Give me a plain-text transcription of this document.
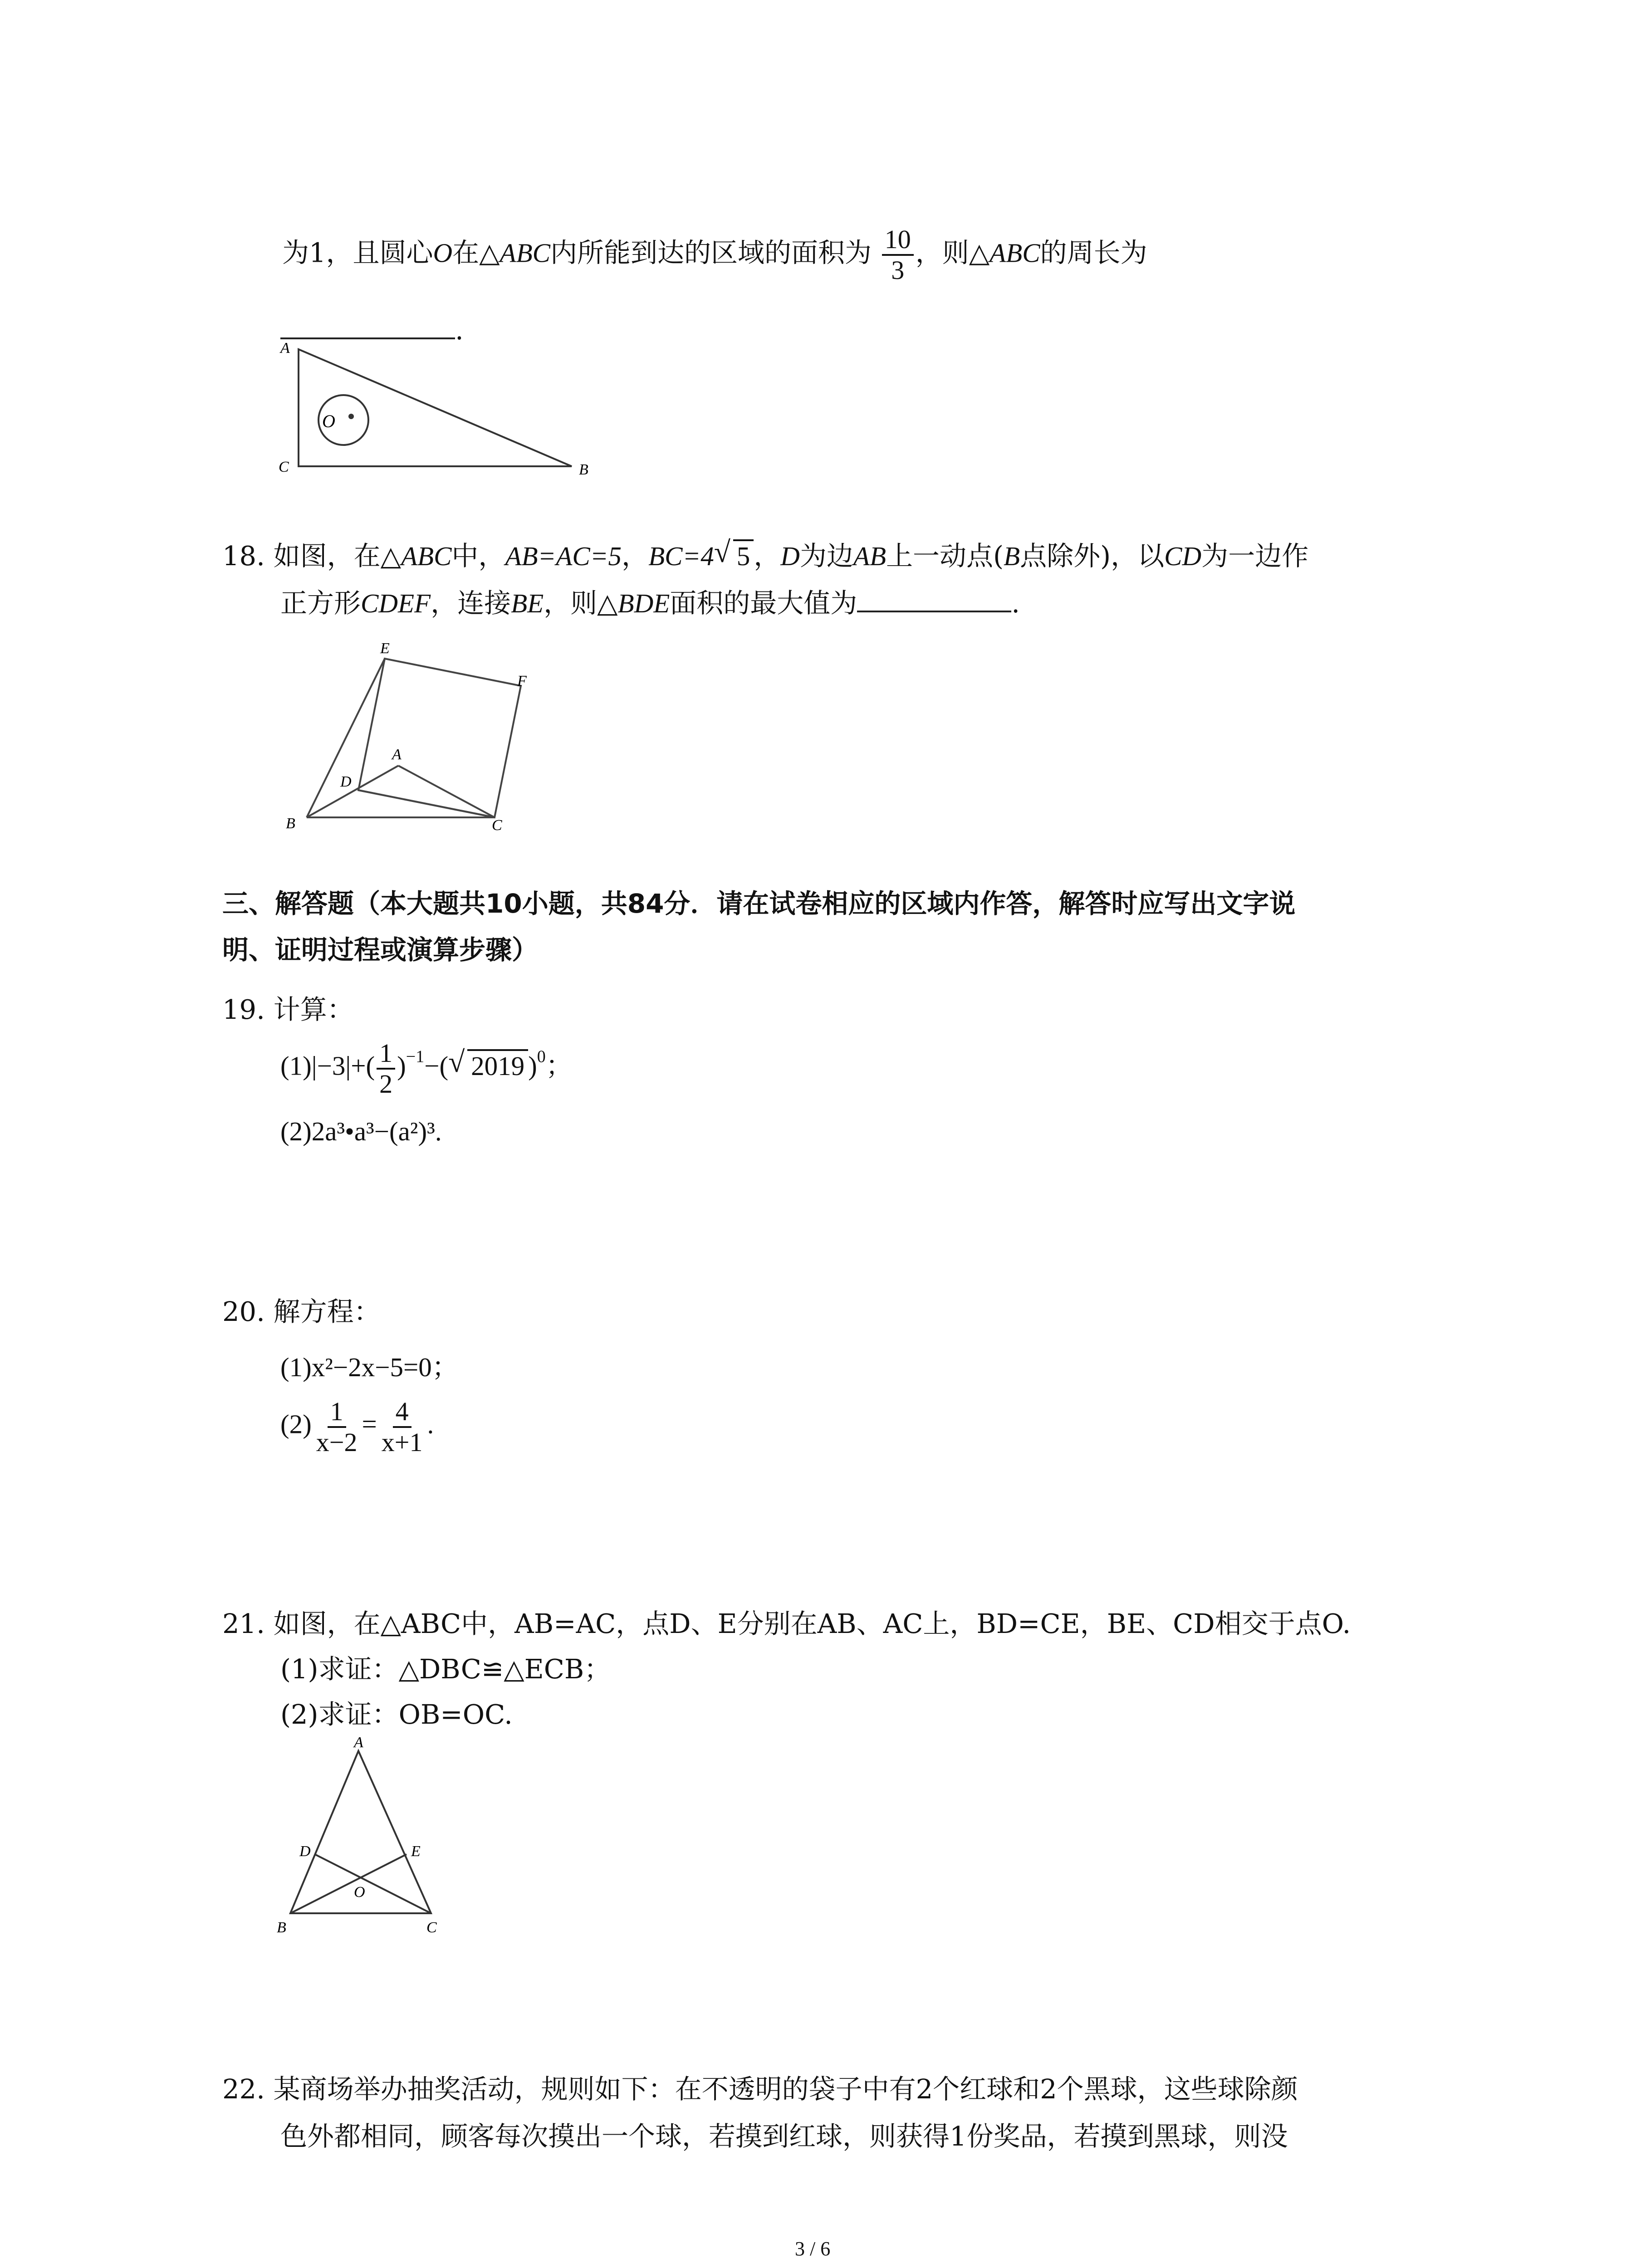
为1，且圆心O在△ABC内所能到达的区域的面积为 $\frac{10}{3}$ ，则△ABC的周长为
.
A
C	B
O
18. 如图，在△ABC中，AB=AC=5，BC=4 √ 5 ，D为边AB上一动点(B点除外)，以CD为一边作
正方形CDEF，连接BE，则△BDE面积的最大值为	.
E
F
A
D
B	C
三、解答题（本大题共10小题，共84分．请在试卷相应的区域内作答，解答时应写出文字说
明、证明过程或演算步骤）
19. 计算：
$(1)|-3|+( \frac{1}{2} )^{-1}-$( √ 2019 )$^0$；
(2)2a³•a³−(a²)³.
20. 解方程：
(1)x²−2x−5=0；
$(2) \frac{1}{x-2} = \frac{4}{x+1}$ .
21. 如图，在△ABC中，AB=AC，点D、E分别在AB、AC上，BD=CE，BE、CD相交于点O.
(1)求证：△DBC≌△ECB；
(2)求证：OB=OC.
A
D	E
O
B	C
22. 某商场举办抽奖活动，规则如下：在不透明的袋子中有2个红球和2个黑球，这些球除颜
色外都相同，顾客每次摸出一个球，若摸到红球，则获得1份奖品，若摸到黑球，则没
3 / 6
